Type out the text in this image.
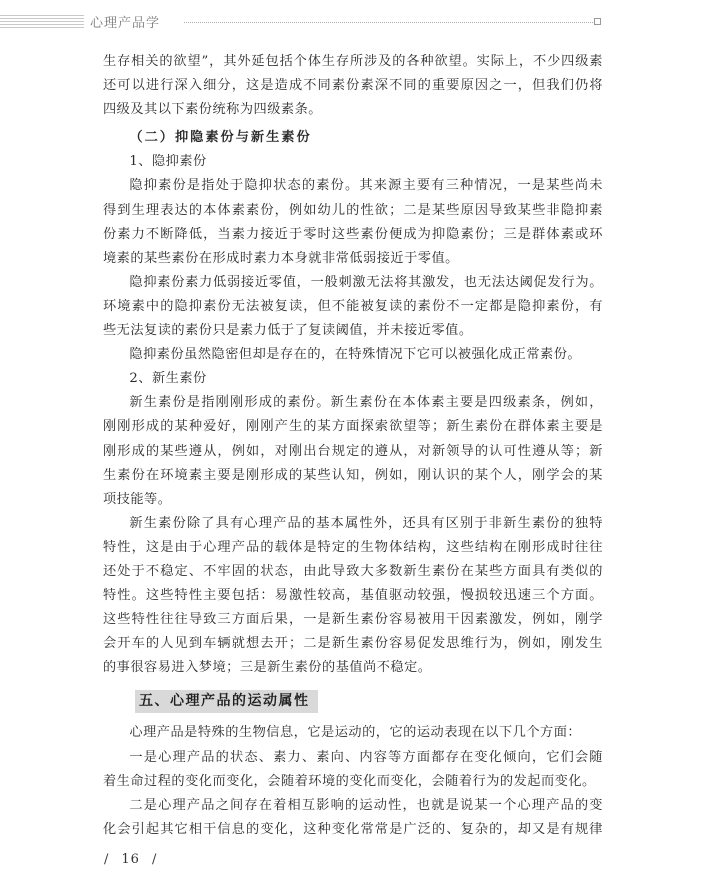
心理产品学

生存相关的欲望”，其外延包括个体生存所涉及的各种欲望。实际上，不少四级素

还可以进行深入细分，这是造成不同素份素深不同的重要原因之一，但我们仍将

四级及其以下素份统称为四级素条。

（二）抑隐素份与新生素份

1、隐抑素份

隐抑素份是指处于隐抑状态的素份。其来源主要有三种情况，一是某些尚未

得到生理表达的本体素素份，例如幼儿的性欲；二是某些原因导致某些非隐抑素

份素力不断降低，当素力接近于零时这些素份便成为抑隐素份；三是群体素或环

境素的某些素份在形成时素力本身就非常低弱接近于零值。

隐抑素份素力低弱接近零值，一般刺激无法将其激发，也无法达阈促发行为。

环境素中的隐抑素份无法被复读，但不能被复读的素份不一定都是隐抑素份，有

些无法复读的素份只是素力低于了复读阈值，并未接近零值。

隐抑素份虽然隐密但却是存在的，在特殊情况下它可以被强化成正常素份。

2、新生素份

新生素份是指刚刚形成的素份。新生素份在本体素主要是四级素条，例如，

刚刚形成的某种爱好，刚刚产生的某方面探索欲望等；新生素份在群体素主要是

刚形成的某些遵从，例如，对刚出台规定的遵从，对新领导的认可性遵从等；新

生素份在环境素主要是刚形成的某些认知，例如，刚认识的某个人，刚学会的某

项技能等。

新生素份除了具有心理产品的基本属性外，还具有区别于非新生素份的独特

特性，这是由于心理产品的载体是特定的生物体结构，这些结构在刚形成时往往

还处于不稳定、不牢固的状态，由此导致大多数新生素份在某些方面具有类似的

特性。这些特性主要包括：易激性较高，基值驱动较强，慢损较迅速三个方面。

这些特性往往导致三方面后果，一是新生素份容易被用干因素激发，例如，刚学

会开车的人见到车辆就想去开；二是新生素份容易促发思维行为，例如，刚发生

的事很容易进入梦境；三是新生素份的基值尚不稳定。

五、心理产品的运动属性

心理产品是特殊的生物信息，它是运动的，它的运动表现在以下几个方面：

一是心理产品的状态、素力、素向、内容等方面都存在变化倾向，它们会随

着生命过程的变化而变化，会随着环境的变化而变化，会随着行为的发起而变化。

二是心理产品之间存在着相互影响的运动性，也就是说某一个心理产品的变

化会引起其它相干信息的变化，这种变化常常是广泛的、复杂的，却又是有规律

/ 16 /
